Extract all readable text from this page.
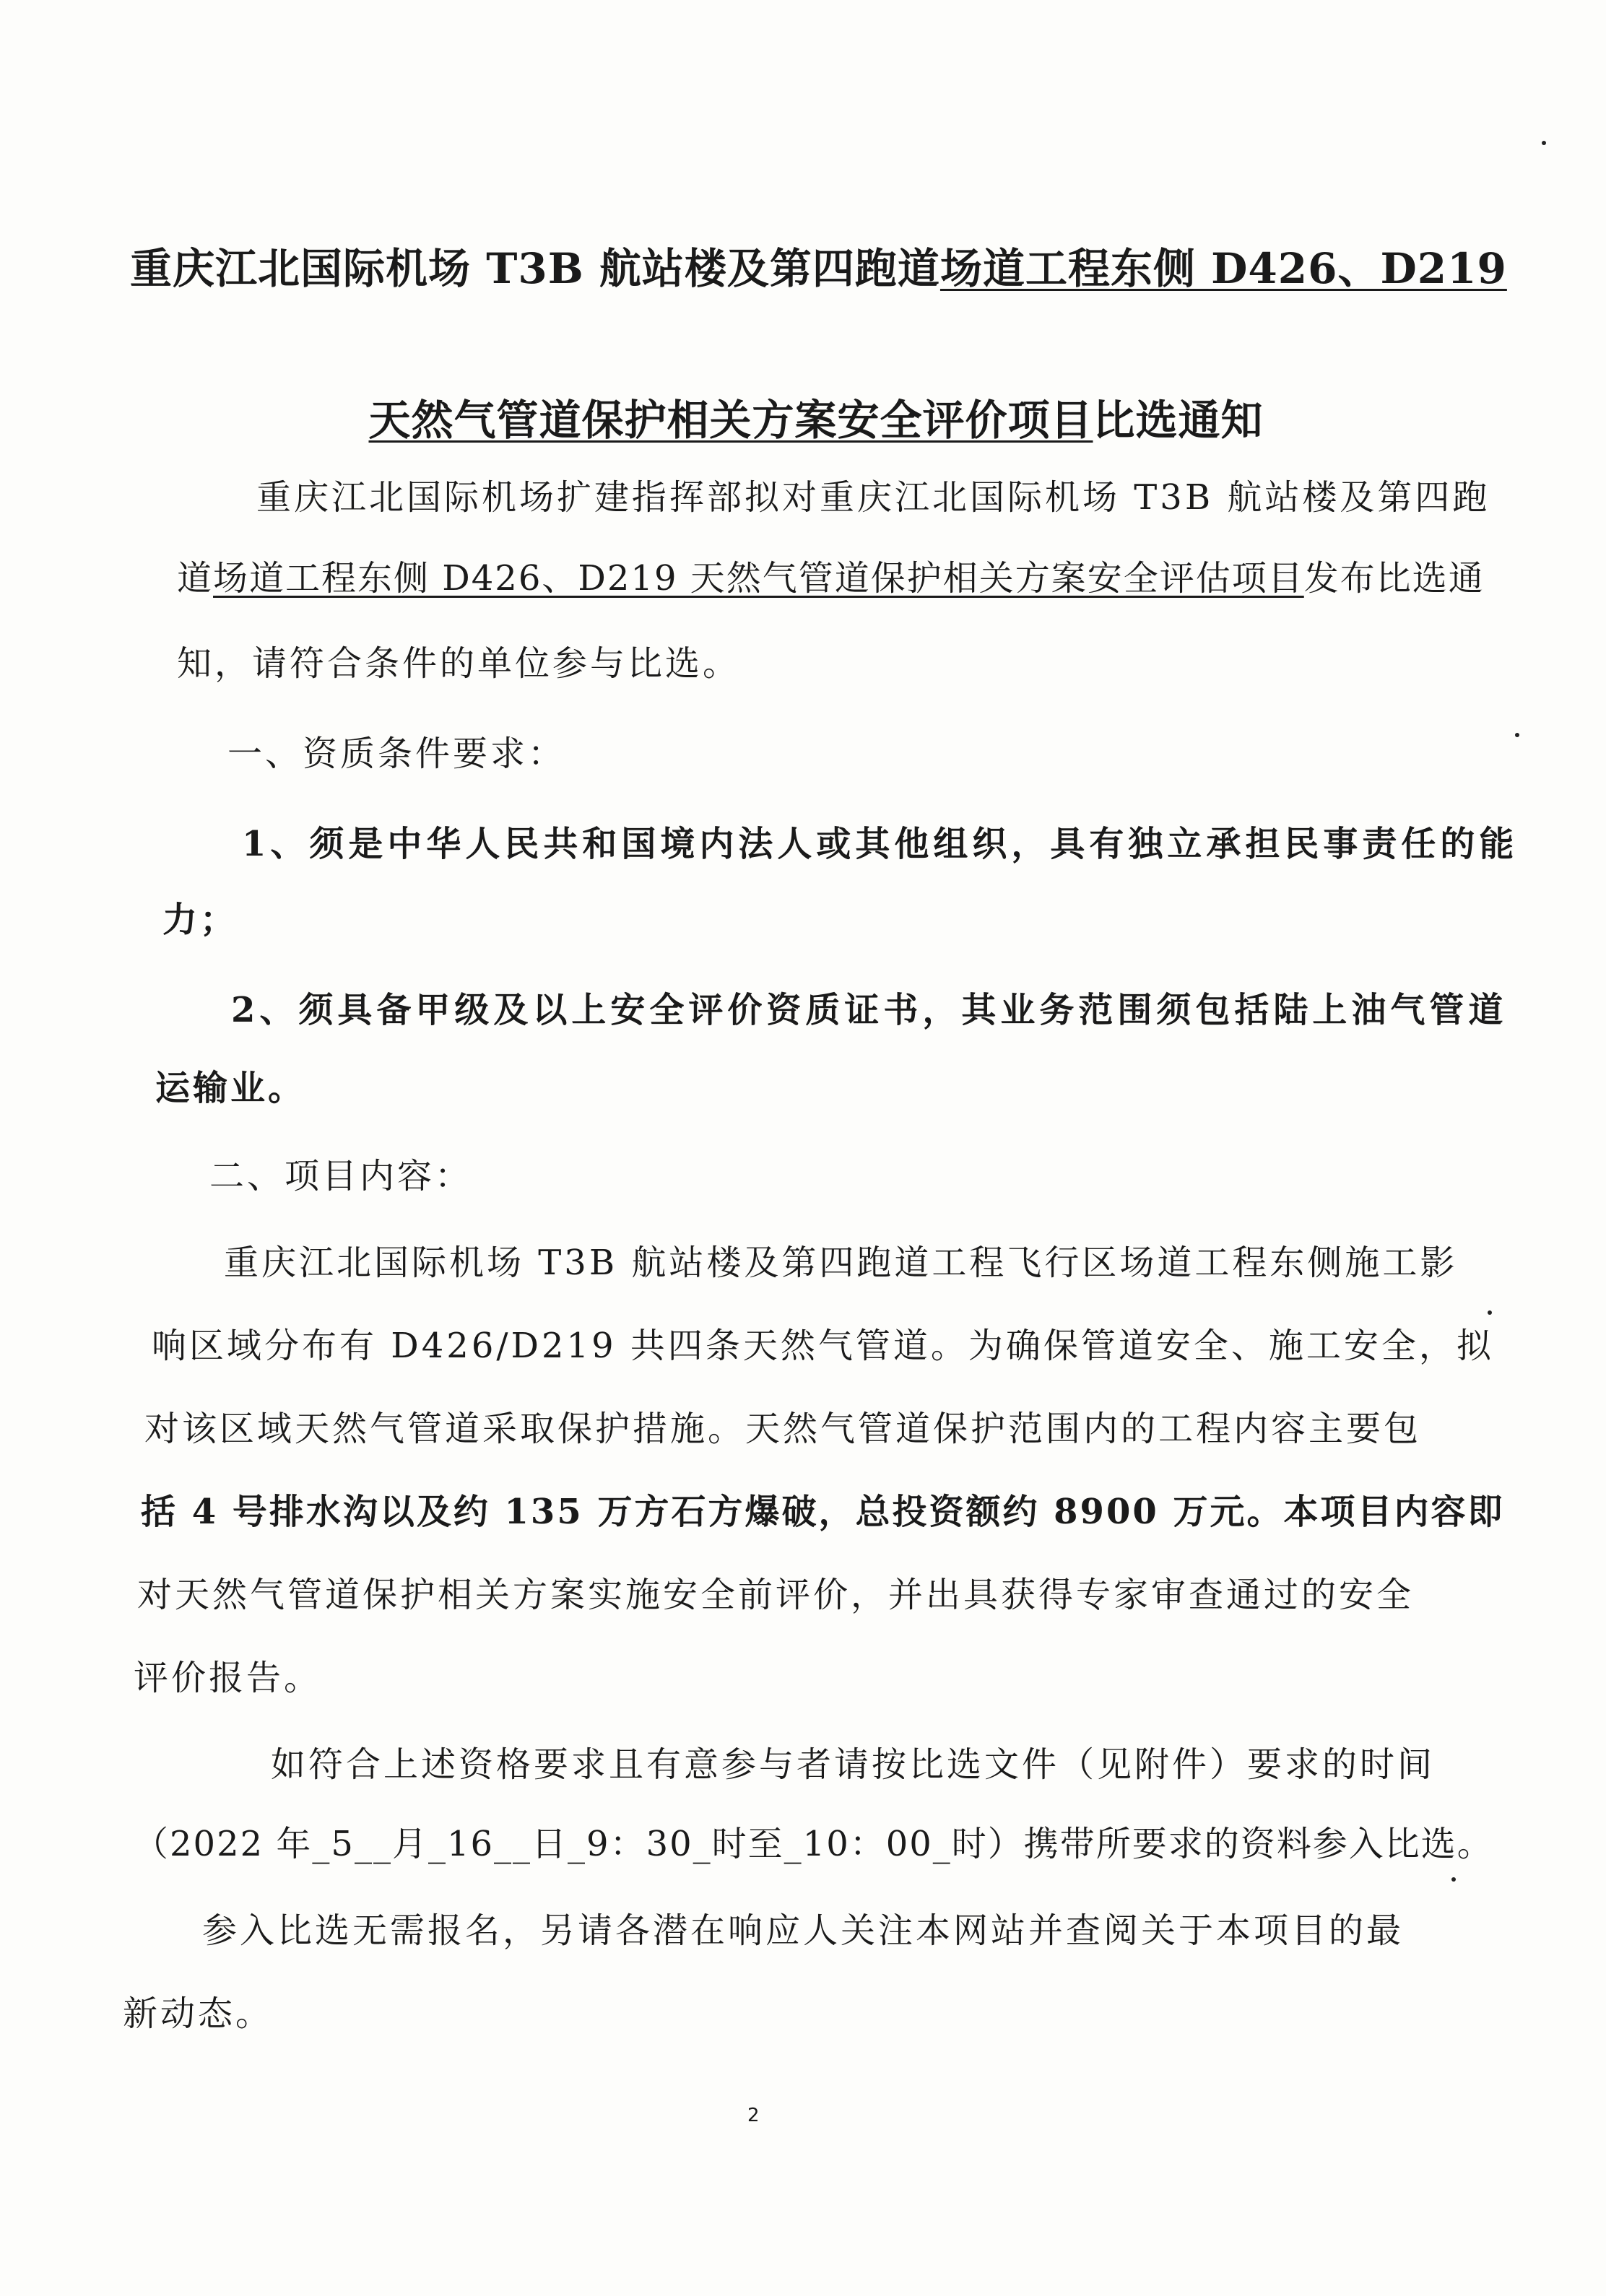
重庆江北国际机场 T3B 航站楼及第四跑道场道工程东侧 D426、D219
天然气管道保护相关方案安全评价项目比选通知
重庆江北国际机场扩建指挥部拟对重庆江北国际机场 T3B 航站楼及第四跑
道场道工程东侧 D426、D219 天然气管道保护相关方案安全评估项目发布比选通
知，请符合条件的单位参与比选。
一、资质条件要求：
1、须是中华人民共和国境内法人或其他组织，具有独立承担民事责任的能
力；
2、须具备甲级及以上安全评价资质证书，其业务范围须包括陆上油气管道
运输业。
二、项目内容：
重庆江北国际机场 T3B 航站楼及第四跑道工程飞行区场道工程东侧施工影
响区域分布有 D426/D219 共四条天然气管道。为确保管道安全、施工安全，拟
对该区域天然气管道采取保护措施。天然气管道保护范围内的工程内容主要包
括 4 号排水沟以及约 135 万方石方爆破，总投资额约 8900 万元。本项目内容即
对天然气管道保护相关方案实施安全前评价，并出具获得专家审查通过的安全
评价报告。
如符合上述资格要求且有意参与者请按比选文件（见附件）要求的时间
（2022 年_5__月_16__日_9：30_时至_10：00_时）携带所要求的资料参入比选。
参入比选无需报名，另请各潜在响应人关注本网站并查阅关于本项目的最
新动态。
2
